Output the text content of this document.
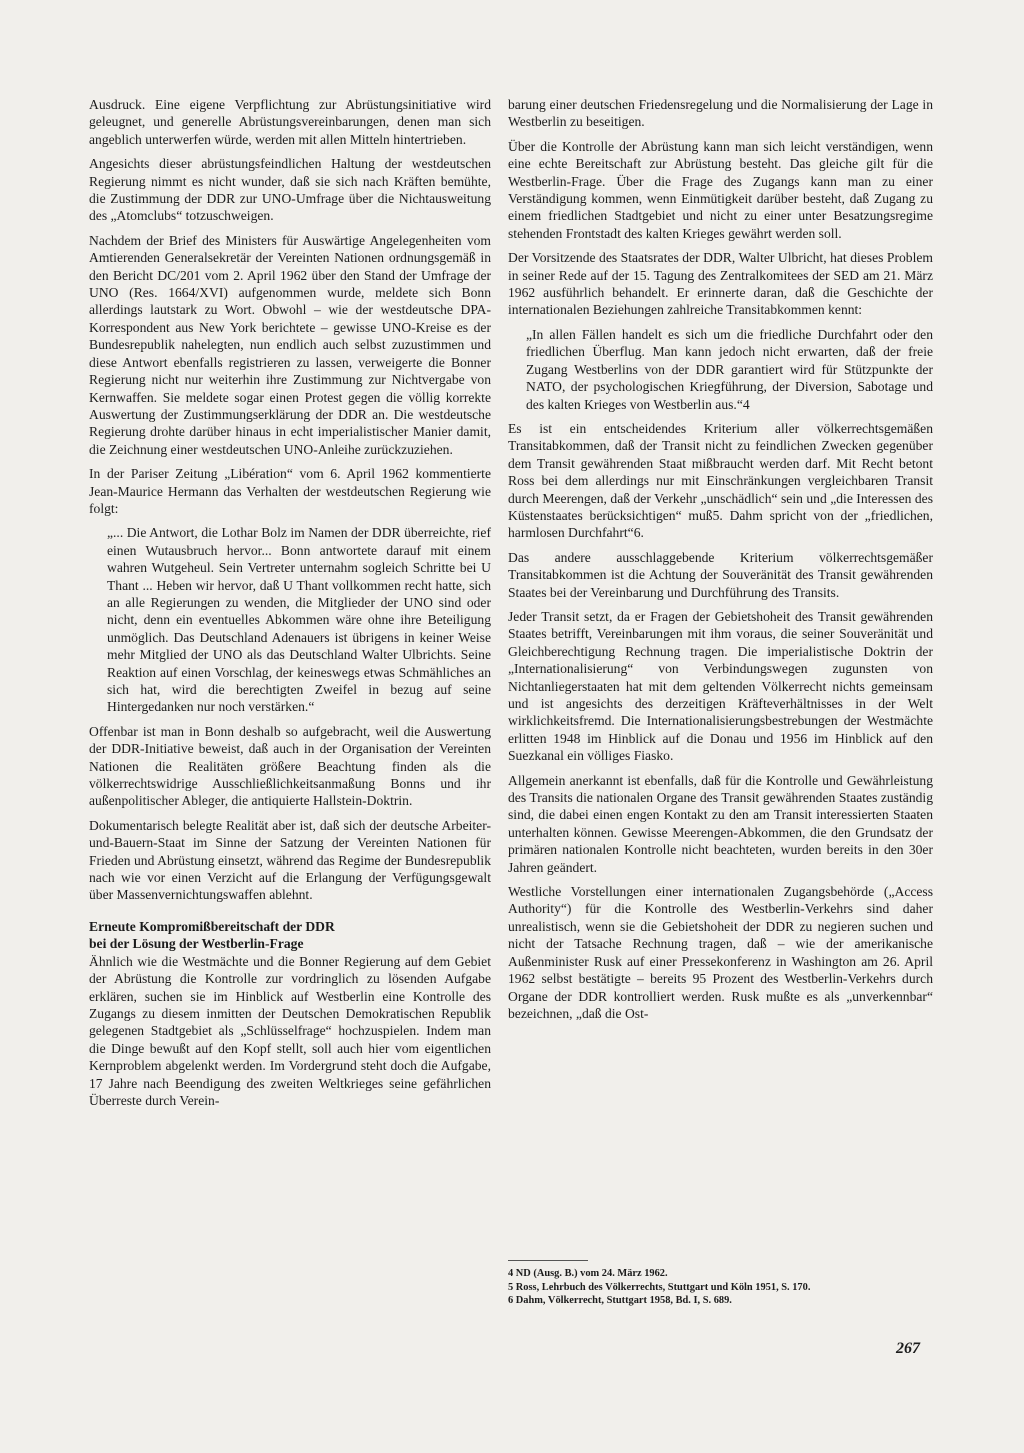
Ausdruck. Eine eigene Verpflichtung zur Abrüstungsinitiative wird geleugnet, und generelle Abrüstungsvereinbarungen, denen man sich angeblich unterwerfen würde, werden mit allen Mitteln hintertrieben.

Angesichts dieser abrüstungsfeindlichen Haltung der westdeutschen Regierung nimmt es nicht wunder, daß sie sich nach Kräften bemühte, die Zustimmung der DDR zur UNO-Umfrage über die Nichtausweitung des „Atomclubs“ totzuschweigen.

Nachdem der Brief des Ministers für Auswärtige Angelegenheiten vom Amtierenden Generalsekretär der Vereinten Nationen ordnungsgemäß in den Bericht DC/201 vom 2. April 1962 über den Stand der Umfrage der UNO (Res. 1664/XVI) aufgenommen wurde, meldete sich Bonn allerdings lautstark zu Wort. Obwohl – wie der westdeutsche DPA-Korrespondent aus New York berichtete – gewisse UNO-Kreise es der Bundesrepublik nahelegten, nun endlich auch selbst zuzustimmen und diese Antwort ebenfalls registrieren zu lassen, verweigerte die Bonner Regierung nicht nur weiterhin ihre Zustimmung zur Nichtvergabe von Kernwaffen. Sie meldete sogar einen Protest gegen die völlig korrekte Auswertung der Zustimmungserklärung der DDR an. Die westdeutsche Regierung drohte darüber hinaus in echt imperialistischer Manier damit, die Zeichnung einer westdeutschen UNO-Anleihe zurückzuziehen.

In der Pariser Zeitung „Libération“ vom 6. April 1962 kommentierte Jean-Maurice Hermann das Verhalten der westdeutschen Regierung wie folgt:

„... Die Antwort, die Lothar Bolz im Namen der DDR überreichte, rief einen Wutausbruch hervor... Bonn antwortete darauf mit einem wahren Wutgeheul. Sein Vertreter unternahm sogleich Schritte bei U Thant ... Heben wir hervor, daß U Thant vollkommen recht hatte, sich an alle Regierungen zu wenden, die Mitglieder der UNO sind oder nicht, denn ein eventuelles Abkommen wäre ohne ihre Beteiligung unmöglich. Das Deutschland Adenauers ist übrigens in keiner Weise mehr Mitglied der UNO als das Deutschland Walter Ulbrichts. Seine Reaktion auf einen Vorschlag, der keineswegs etwas Schmähliches an sich hat, wird die berechtigten Zweifel in bezug auf seine Hintergedanken nur noch verstärken.“

Offenbar ist man in Bonn deshalb so aufgebracht, weil die Auswertung der DDR-Initiative beweist, daß auch in der Organisation der Vereinten Nationen die Realitäten größere Beachtung finden als die völkerrechtswidrige Ausschließlichkeitsanmaßung Bonns und ihr außenpolitischer Ableger, die antiquierte Hallstein-Doktrin.

Dokumentarisch belegte Realität aber ist, daß sich der deutsche Arbeiter-und-Bauern-Staat im Sinne der Satzung der Vereinten Nationen für Frieden und Abrüstung einsetzt, während das Regime der Bundesrepublik nach wie vor einen Verzicht auf die Erlangung der Verfügungsgewalt über Massenvernichtungswaffen ablehnt.

Erneute Kompromißbereitschaft der DDR
bei der Lösung der Westberlin-Frage

Ähnlich wie die Westmächte und die Bonner Regierung auf dem Gebiet der Abrüstung die Kontrolle zur vordringlich zu lösenden Aufgabe erklären, suchen sie im Hinblick auf Westberlin eine Kontrolle des Zugangs zu diesem inmitten der Deutschen Demokratischen Republik gelegenen Stadtgebiet als „Schlüsselfrage“ hochzuspielen. Indem man die Dinge bewußt auf den Kopf stellt, soll auch hier vom eigentlichen Kernproblem abgelenkt werden. Im Vordergrund steht doch die Aufgabe, 17 Jahre nach Beendigung des zweiten Weltkrieges seine gefährlichen Überreste durch Verein-

barung einer deutschen Friedensregelung und die Normalisierung der Lage in Westberlin zu beseitigen.

Über die Kontrolle der Abrüstung kann man sich leicht verständigen, wenn eine echte Bereitschaft zur Abrüstung besteht. Das gleiche gilt für die Westberlin-Frage. Über die Frage des Zugangs kann man zu einer Verständigung kommen, wenn Einmütigkeit darüber besteht, daß Zugang zu einem friedlichen Stadtgebiet und nicht zu einer unter Besatzungsregime stehenden Frontstadt des kalten Krieges gewährt werden soll.

Der Vorsitzende des Staatsrates der DDR, Walter Ulbricht, hat dieses Problem in seiner Rede auf der 15. Tagung des Zentralkomitees der SED am 21. März 1962 ausführlich behandelt. Er erinnerte daran, daß die Geschichte der internationalen Beziehungen zahlreiche Transitabkommen kennt:

„In allen Fällen handelt es sich um die friedliche Durchfahrt oder den friedlichen Überflug. Man kann jedoch nicht erwarten, daß der freie Zugang Westberlins von der DDR garantiert wird für Stützpunkte der NATO, der psychologischen Kriegführung, der Diversion, Sabotage und des kalten Krieges von Westberlin aus.“4

Es ist ein entscheidendes Kriterium aller völkerrechtsgemäßen Transitabkommen, daß der Transit nicht zu feindlichen Zwecken gegenüber dem Transit gewährenden Staat mißbraucht werden darf. Mit Recht betont Ross bei dem allerdings nur mit Einschränkungen vergleichbaren Transit durch Meerengen, daß der Verkehr „unschädlich“ sein und „die Interessen des Küstenstaates berücksichtigen“ muß5. Dahm spricht von der „friedlichen, harmlosen Durchfahrt“6.

Das andere ausschlaggebende Kriterium völkerrechtsgemäßer Transitabkommen ist die Achtung der Souveränität des Transit gewährenden Staates bei der Vereinbarung und Durchführung des Transits.

Jeder Transit setzt, da er Fragen der Gebietshoheit des Transit gewährenden Staates betrifft, Vereinbarungen mit ihm voraus, die seiner Souveränität und Gleichberechtigung Rechnung tragen. Die imperialistische Doktrin der „Internationalisierung“ von Verbindungswegen zugunsten von Nichtanliegerstaaten hat mit dem geltenden Völkerrecht nichts gemeinsam und ist angesichts des derzeitigen Kräfteverhältnisses in der Welt wirklichkeitsfremd. Die Internationalisierungsbestrebungen der Westmächte erlitten 1948 im Hinblick auf die Donau und 1956 im Hinblick auf den Suezkanal ein völliges Fiasko.

Allgemein anerkannt ist ebenfalls, daß für die Kontrolle und Gewährleistung des Transits die nationalen Organe des Transit gewährenden Staates zuständig sind, die dabei einen engen Kontakt zu den am Transit interessierten Staaten unterhalten können. Gewisse Meerengen-Abkommen, die den Grundsatz der primären nationalen Kontrolle nicht beachteten, wurden bereits in den 30er Jahren geändert.

Westliche Vorstellungen einer internationalen Zugangsbehörde („Access Authority“) für die Kontrolle des Westberlin-Verkehrs sind daher unrealistisch, wenn sie die Gebietshoheit der DDR zu negieren suchen und nicht der Tatsache Rechnung tragen, daß – wie der amerikanische Außenminister Rusk auf einer Pressekonferenz in Washington am 26. April 1962 selbst bestätigte – bereits 95 Prozent des Westberlin-Verkehrs durch Organe der DDR kontrolliert werden. Rusk mußte es als „unverkennbar“ bezeichnen, „daß die Ost-

4 ND (Ausg. B.) vom 24. März 1962.

5 Ross, Lehrbuch des Völkerrechts, Stuttgart und Köln 1951, S. 170.

6 Dahm, Völkerrecht, Stuttgart 1958, Bd. I, S. 689.

267
